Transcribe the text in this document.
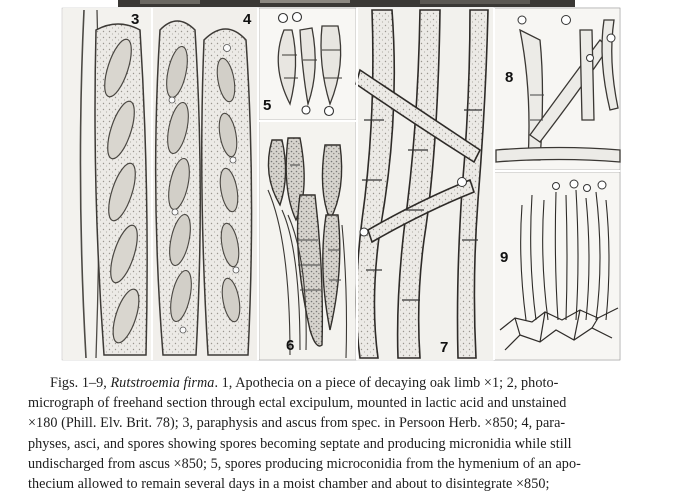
3	4
5
6	7
8
9
Figs. 1–9, Rutstroemia firma. 1, Apothecia on a piece of decaying oak limb ×1; 2, photo-
micrograph of freehand section through ectal excipulum, mounted in lactic acid and unstained
×180 (Phill. Elv. Brit. 78); 3, paraphysis and ascus from spec. in Persoon Herb. ×850; 4, para-
physes, asci, and spores showing spores becoming septate and producing micronidia while still
undischarged from ascus ×850; 5, spores producing microconidia from the hymenium of an apo-
thecium allowed to remain several days in a moist chamber and about to disintegrate ×850;
